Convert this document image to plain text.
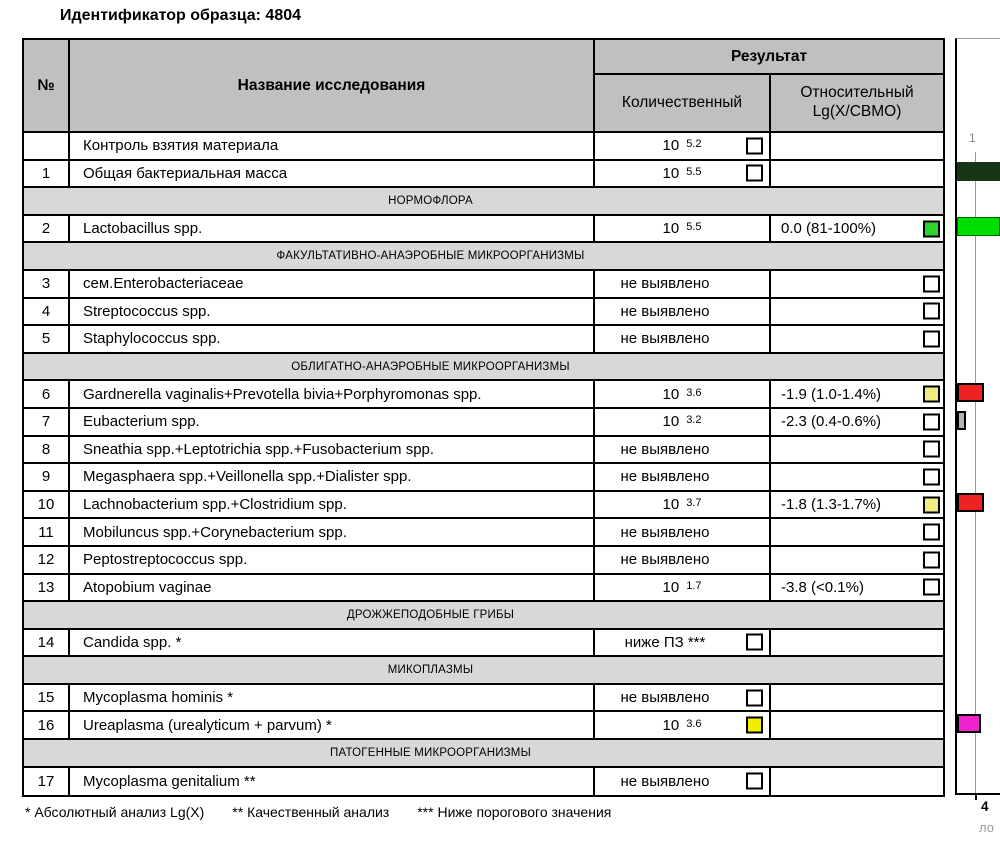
Идентификатор образца: 4804
№	Название исследования
Результат
Количественный
Относительный Lg(X/СВМО)
Контроль взятия материала	10 5.2
1	Общая бактериальная масса	10 5.5
НОРМОФЛОРА
2	Lactobacillus spp.	10 5.5	0.0 (81-100%)
ФАКУЛЬТАТИВНО-АНАЭРОБНЫЕ МИКРООРГАНИЗМЫ
3	сем.Enterobacteriaceae	не выявлено
4	Streptococcus spp.	не выявлено
5	Staphylococcus spp.	не выявлено
ОБЛИГАТНО-АНАЭРОБНЫЕ МИКРООРГАНИЗМЫ
6	Gardnerella vaginalis+Prevotella bivia+Porphyromonas spp.	10 3.6	-1.9 (1.0-1.4%)
7	Eubacterium spp.	10 3.2	-2.3 (0.4-0.6%)
8	Sneathia spp.+Leptotrichia spp.+Fusobacterium spp.	не выявлено
9	Megasphaera spp.+Veillonella spp.+Dialister spp.	не выявлено
10	Lachnobacterium spp.+Clostridium spp.	10 3.7	-1.8 (1.3-1.7%)
11	Mobiluncus spp.+Corynebacterium spp.	не выявлено
12	Peptostreptococcus spp.	не выявлено
13	Atopobium vaginae	10 1.7	-3.8 (<0.1%)
ДРОЖЖЕПОДОБНЫЕ ГРИБЫ
14	Candida spp. *	ниже ПЗ ***
МИКОПЛАЗМЫ
15	Mycoplasma hominis *	не выявлено
16	Ureaplasma (urealyticum + parvum) *	10 3.6
ПАТОГЕННЫЕ МИКРООРГАНИЗМЫ
17	Mycoplasma genitalium **	не выявлено
1
4
ло
* Абсолютный анализ Lg(X) ** Качественный анализ *** Ниже порогового значения
